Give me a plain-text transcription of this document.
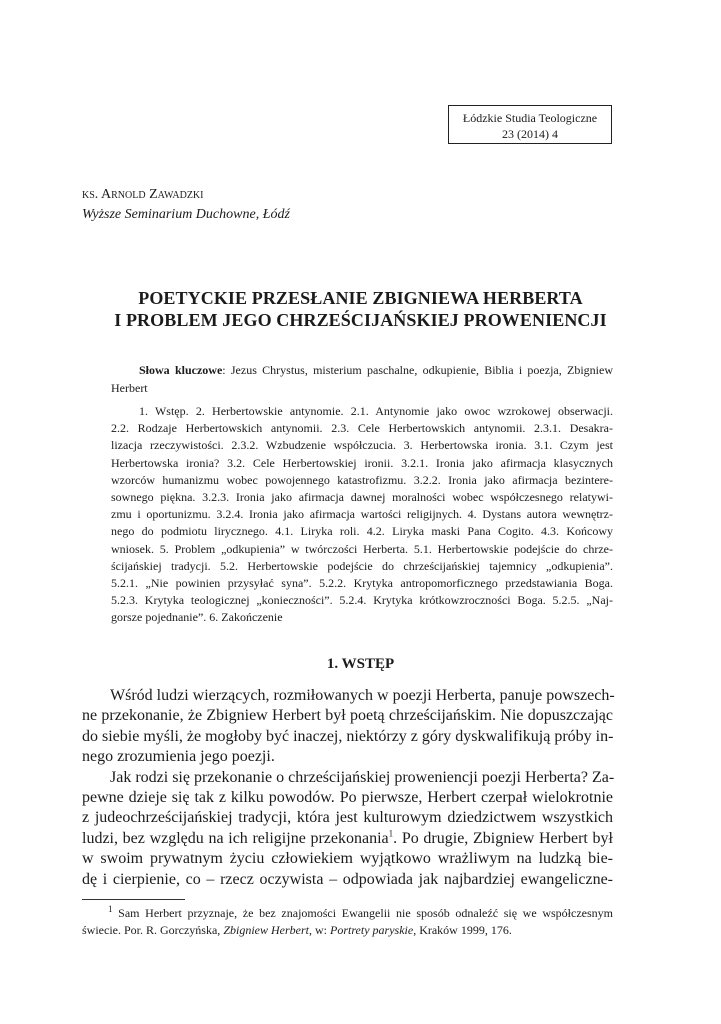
Łódzkie Studia Teologiczne
23 (2014) 4
ks. Arnold Zawadzki
Wyższe Seminarium Duchowne, Łódź
POETYCKIE PRZESŁANIE ZBIGNIEWA HERBERTA
I PROBLEM JEGO CHRZEŚCIJAŃSKIEJ PROWENIENCJI
Słowa kluczowe: Jezus Chrystus, misterium paschalne, odkupienie, Biblia i poezja, Zbigniew Herbert
1. Wstęp. 2. Herbertowskie antynomie. 2.1. Antynomie jako owoc wzrokowej obserwacji.
2.2. Rodzaje Herbertowskich antynomii. 2.3. Cele Herbertowskich antynomii. 2.3.1. Desakra-
lizacja rzeczywistości. 2.3.2. Wzbudzenie współczucia. 3. Herbertowska ironia. 3.1. Czym jest
Herbertowska ironia? 3.2. Cele Herbertowskiej ironii. 3.2.1. Ironia jako afirmacja klasycznych
wzorców humanizmu wobec powojennego katastrofizmu. 3.2.2. Ironia jako afirmacja bezintere-
sownego piękna. 3.2.3. Ironia jako afirmacja dawnej moralności wobec współczesnego relatywi-
zmu i oportunizmu. 3.2.4. Ironia jako afirmacja wartości religijnych. 4. Dystans autora wewnętrz-
nego do podmiotu lirycznego. 4.1. Liryka roli. 4.2. Liryka maski Pana Cogito. 4.3. Końcowy
wniosek. 5. Problem „odkupienia” w twórczości Herberta. 5.1. Herbertowskie podejście do chrze-
ścijańskiej tradycji. 5.2. Herbertowskie podejście do chrześcijańskiej tajemnicy „odkupienia”.
5.2.1. „Nie powinien przysyłać syna”. 5.2.2. Krytyka antropomorficznego przedstawiania Boga.
5.2.3. Krytyka teologicznej „konieczności”. 5.2.4. Krytyka krótkowzroczności Boga. 5.2.5. „Naj-
gorsze pojednanie”. 6. Zakończenie
1. WSTĘP
Wśród ludzi wierzących, rozmiłowanych w poezji Herberta, panuje powszech-
ne przekonanie, że Zbigniew Herbert był poetą chrześcijańskim. Nie dopuszczając
do siebie myśli, że mogłoby być inaczej, niektórzy z góry dyskwalifikują próby in-
nego zrozumienia jego poezji.
Jak rodzi się przekonanie o chrześcijańskiej proweniencji poezji Herberta? Za-
pewne dzieje się tak z kilku powodów. Po pierwsze, Herbert czerpał wielokrotnie
z judeochrześcijańskiej tradycji, która jest kulturowym dziedzictwem wszystkich
ludzi, bez względu na ich religijne przekonania$^1$. Po drugie, Zbigniew Herbert był
w swoim prywatnym życiu człowiekiem wyjątkowo wrażliwym na ludzką bie-
dę i cierpienie, co – rzecz oczywista – odpowiada jak najbardziej ewangeliczne-
$^1$ Sam Herbert przyznaje, że bez znajomości Ewangelii nie sposób odnaleźć się we współczesnym
świecie. Por. R. Gorczyńska, Zbigniew Herbert, w: Portrety paryskie, Kraków 1999, 176.
